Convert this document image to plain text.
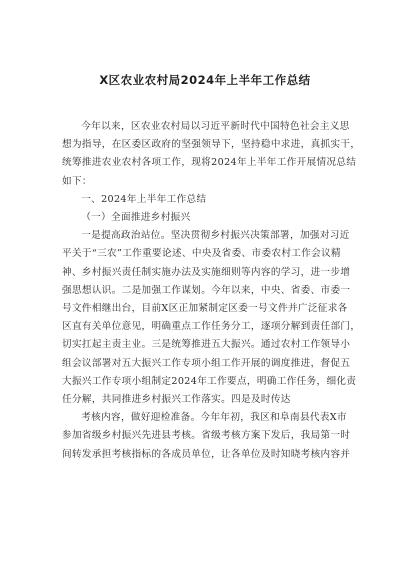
X区农业农村局2024年上半年工作总结
今年以来，区农业农村局以习近平新时代中国特色社会主义思
想为指导，在区委区政府的坚强领导下，坚持稳中求进，真抓实干，
统筹推进农业农村各项工作，现将2024年上半年工作开展情况总结
如下：
一、2024年上半年工作总结
（一）全面推进乡村振兴
一是提高政治站位。坚决贯彻乡村振兴决策部署，加强对习近
平关于“三农”工作重要论述、中央及省委、市委农村工作会议精
神、乡村振兴责任制实施办法及实施细则等内容的学习，进一步增
强思想认识。二是加强工作谋划。今年以来，中央、省委、市委一
号文件相继出台，目前X区正加紧制定区委一号文件并广泛征求各
区直有关单位意见，明确重点工作任务分工，逐项分解到责任部门，
切实扛起主责主业。三是统筹推进五大振兴。通过农村工作领导小
组会议部署对五大振兴工作专项小组工作开展的调度推进，督促五
大振兴工作专项小组制定2024年工作要点，明确工作任务，细化责
任分解，共同推进乡村振兴工作落实。四是及时传达
考核内容，做好迎检准备。今年年初，我区和阜南县代表X市
参加省级乡村振兴先进县考核。省级考核方案下发后，我局第一时
间转发承担考核指标的各成员单位，让各单位及时知晓考核内容并
